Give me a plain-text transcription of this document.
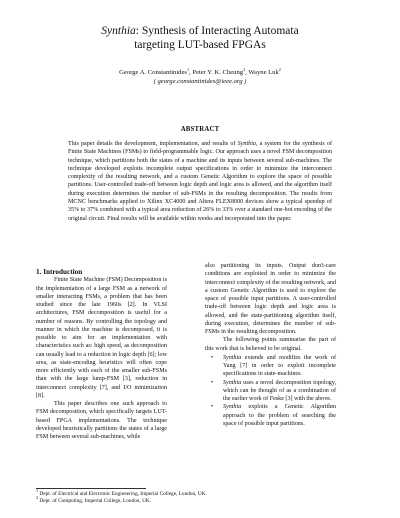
Synthia: Synthesis of Interacting Automata
targeting LUT-based FPGAs
George A. Constantinides$^1$, Peter Y. K. Cheung$^2$, Wayne Luk$^2$
( george.constantinides@ieee.org )
ABSTRACT
This paper details the development, implementation, and results of Synthia, a system for the synthesis of Finite State Machines (FSMs) to field-programmable logic. Our approach uses a novel FSM decomposition technique, which partitions both the states of a machine and its inputs between several sub-machines. The technique developed exploits incomplete output specifications in order to minimize the interconnect complexity of the resulting network, and a custom Genetic Algorithm to explore the space of possible partitions. User-controlled trade-off between logic depth and logic area is allowed, and the algorithm itself during execution determines the number of sub-FSMs in the resulting decomposition. The results from MCNC benchmarks applied to Xilinx XC4000 and Altera FLEX8000 devices show a typical speedup of 35% to 37% combined with a typical area reduction of 26% to 33% over a standard one-hot encoding of the original circuit. Final results will be available within weeks and incorporated into the paper.

1. Introduction

Finite State Machine (FSM) Decomposition is the implementation of a large FSM as a network of smaller interacting FSMs, a problem that has been studied since the late 1960s [2]. In VLSI architectures, FSM decomposition is useful for a number of reasons. By controlling the topology and manner in which the machine is decomposed, it is possible to aim for an implementation with characteristics such as: high speed, as decomposition can usually lead to a reduction in logic depth [6]; low area, as state-encoding heuristics will often cope more efficiently with each of the smaller sub-FSMs than with the large lump-FSM [3], reduction in interconnect complexity [7], and I/O minimization [8].

This paper describes one such approach to FSM decomposition, which specifically targets LUT-based FPGA implementations. The technique developed heuristically partitions the states of a large FSM between several sub-machines, while

also partitioning its inputs. Output don't-care conditions are exploited in order to minimize the interconnect complexity of the resulting network, and a custom Genetic Algorithm is used to explore the space of possible input partitions. A user-controlled trade-off between logic depth and logic area is allowed, and the state-partitioning algorithm itself, during execution, determines the number of sub-FSMs in the resulting decomposition.

The following points summarise the part of this work that is believed to be original.

• Synthia extends and modifies the work of Yang [7] in order to exploit incomplete specifications in state-machines.
• Synthia uses a novel decomposition topology, which can be thought of as a combination of the earlier work of Feske [3] with the above.
• Synthia exploits a Genetic Algorithm approach to the problem of searching the space of possible input partitions.
$^1$ Dept. of Electrical and Electronic Engineering, Imperial College, London, UK.
$^2$ Dept. of Computing, Imperial College, London, UK.
